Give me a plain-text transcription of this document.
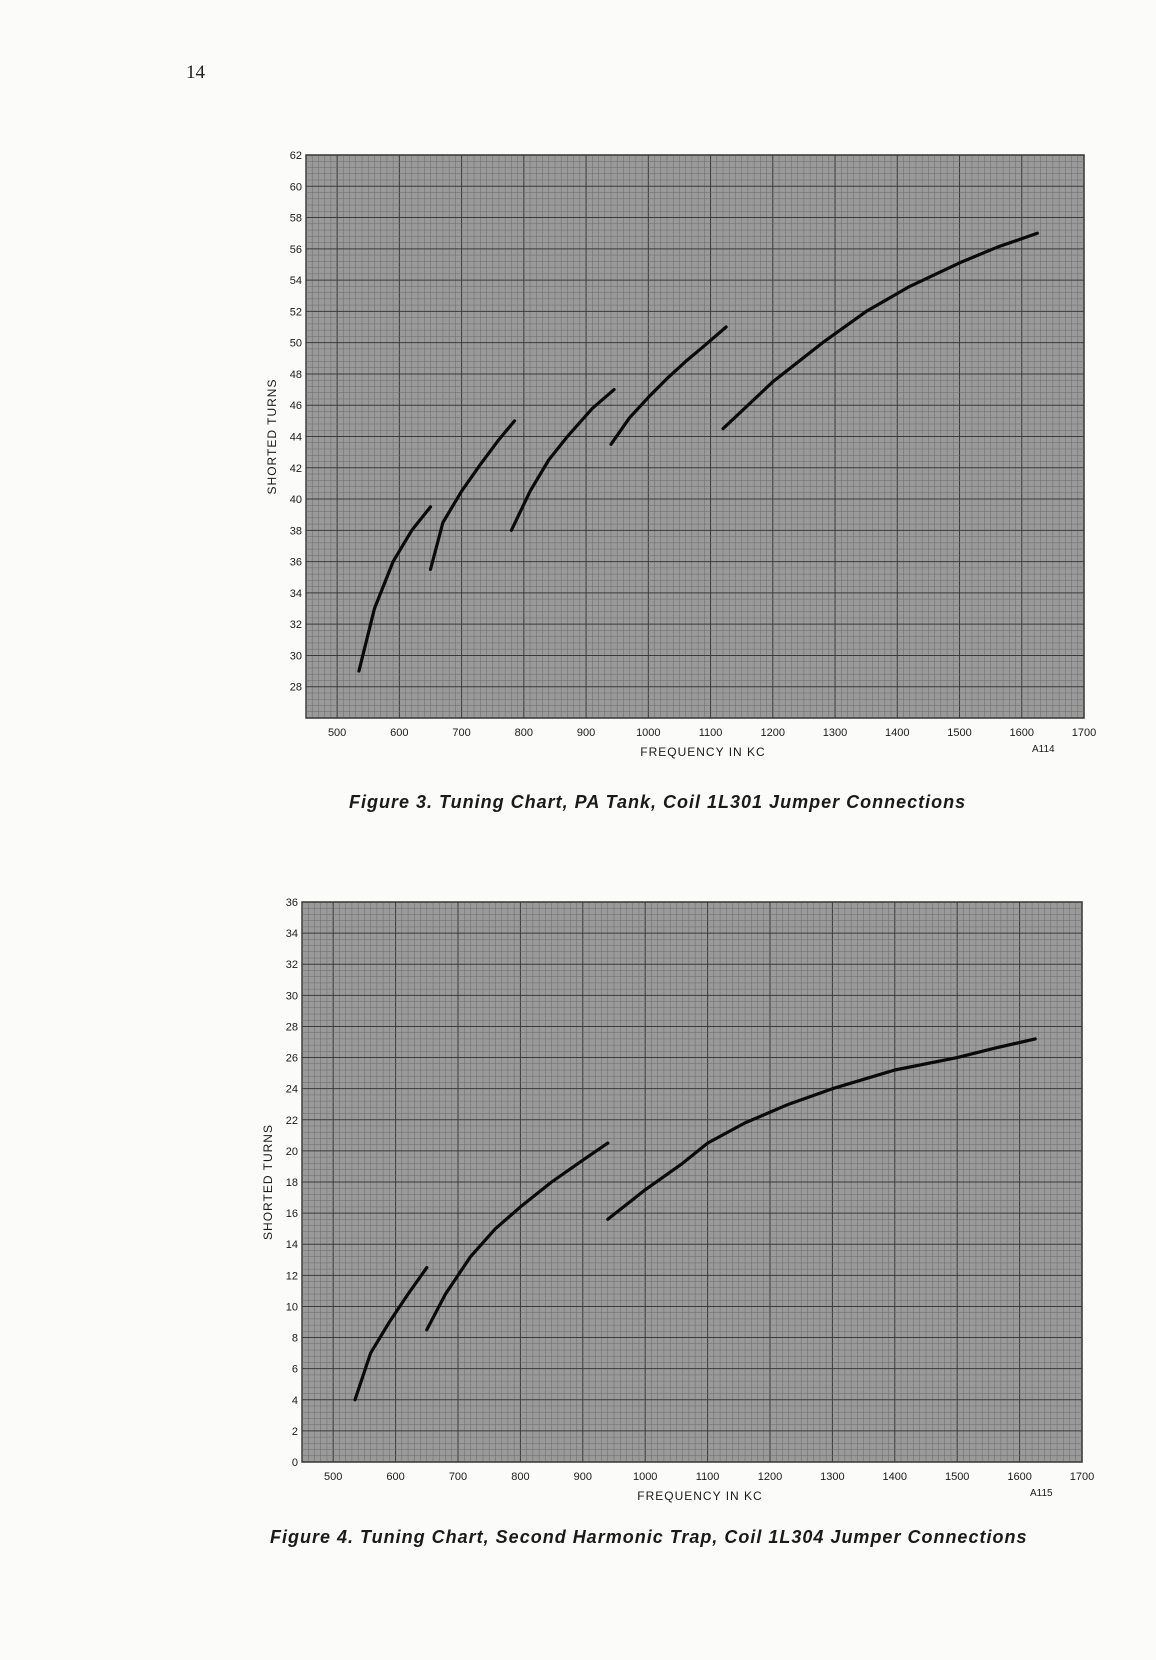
14
28
30
32
34
36
38
40
42
44
46
48
50
52
54
56
58
60
62
500	600	700	800	900	1000	1100	1200	1300	1400	1500	1600	1700
FREQUENCY IN KC
SHORTED TURNS
A114
Figure 3. Tuning Chart, PA Tank, Coil 1L301 Jumper Connections
0
2
4
6
8
10
12
14
16
18
20
22
24
26
28
30
32
34
36
500	600	700	800	900	1000	1100	1200	1300	1400	1500	1600	1700
FREQUENCY IN KC
SHORTED TURNS
A115
Figure 4. Tuning Chart, Second Harmonic Trap, Coil 1L304 Jumper Connections
